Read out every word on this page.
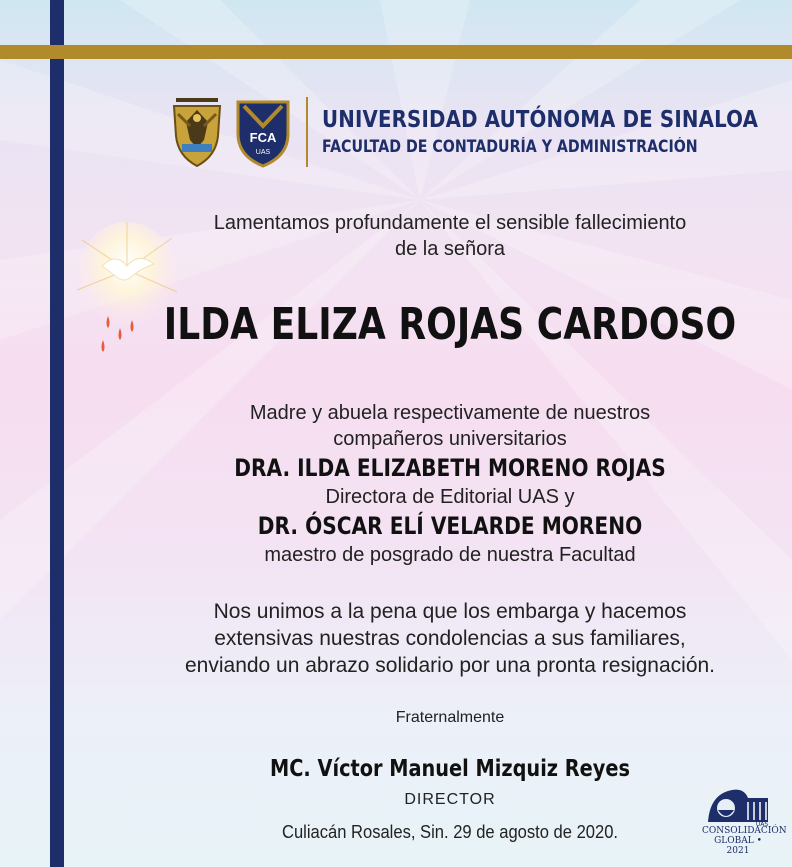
FCA
UAS
UNIVERSIDAD AUTÓNOMA DE SINALOA
FACULTAD DE CONTADURÍA Y ADMINISTRACIÓN
Lamentamos profundamente el sensible fallecimiento
de la señora
ILDA ELIZA ROJAS CARDOSO
Madre y abuela respectivamente de nuestros
compañeros universitarios
DRA. ILDA ELIZABETH MORENO ROJAS
Directora de Editorial UAS y
DR. ÓSCAR ELÍ VELARDE MORENO
maestro de posgrado de nuestra Facultad
Nos unimos a la pena que los embarga y hacemos
extensivas nuestras condolencias a sus familiares,
enviando un abrazo solidario por una pronta resignación.
Fraternalmente
MC. Víctor Manuel Mizquiz Reyes
DIRECTOR
Culiacán Rosales, Sin. 29 de agosto de 2020.	UAS
CONSOLIDACIÓN
GLOBAL • 2021
